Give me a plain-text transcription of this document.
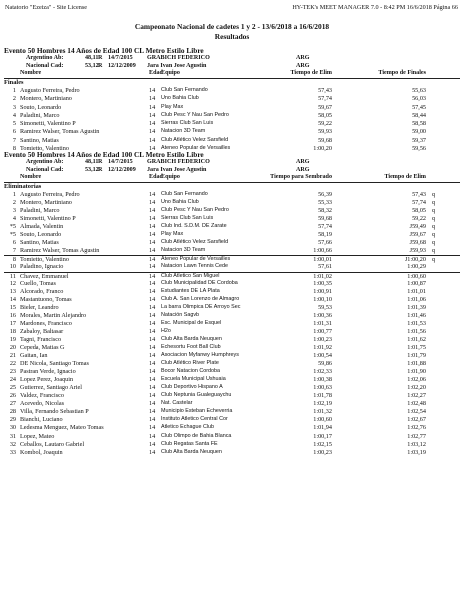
Natatorio "Ezeiza" - Site License	HY-TEK's MEET MANAGER 7.0 - 8:42 PM 16/6/2018 Página 66
Campeonato Nacional de cadetes 1 y 2 - 13/6/2018 a 16/6/2018
Resultados
Evento 50 Hombres 14 Años de Edad 100 CL Metro Estilo Libre
Argentino Ab:	48,11 R 14/7/2015 GRABICH FEDERICO	ARG
Nacional Cad:	53,12 R 12/12/2009 Jara Ivan Jose Agustin	ARG
Nombre	Edad
Equipo	Tiempo de Elim	Tiempo de Finales
Finales
1 Augusto Ferreira, Pedro	14 Club San Fernando	57,43	55,63
2 Montero, Martiniano	14 Uno Bahia Club	57,74	56,03
3 Souto, Leonardo	14 Play Max	59,67	57,45
4 Paladini, Marco	14 Club Pesc Y Nau San Pedro	58,05	58,44
5 Simonetti, Valentino P	14 Sierras Club San Luis	59,22	58,58
6 Ramirez Walser, Tomas Agustin	14 Natacion 3D Team	59,93	59,00
7 Santino, Matias	14 Club Atlético Velez Sarsfield	59,68	59,37
8 Tomietto, Valentino	14 Ateneo Popular de Versailles	1:00,20	59,56
Evento 50 Hombres 14 Años de Edad 100 CL Metro Estilo Libre
Argentino Ab:	48,11 R 14/7/2015 GRABICH FEDERICO	ARG
Nacional Cad:	53,12 R 12/12/2009 Jara Ivan Jose Agustin	ARG
Nombre	Edad
Equipo	Tiempo para Sembrado	Tiempo de Elim
Eliminatorias
1 Augusto Ferreira, Pedro	14 Club San Fernando	56,39	57,43 q
2 Montero, Martiniano	14 Uno Bahia Club	55,33	57,74 q
3 Paladini, Marco	14 Club Pesc Y Nau San Pedro	58,32	58,05 q
4 Simonetti, Valentino P	14 Sierras Club San Luis	59,68	59,22 q
*5 Almada, Valentin	14 Club Ind. S.D.M. DE Zarate	57,74	J59,49 q
*5 Souto, Leonardo	14 Play Max	58,19	J59,67 q
6 Santino, Matias	14 Club Atlético Velez Sarsfield	57,66	J59,68 q
7 Ramirez Walser, Tomas Agustin	14 Natacion 3D Team	1:00,66	J59,93 q
8 Tomietto, Valentino	14 Ateneo Popular de Versailles	1:00,01	J1:00,20 q
10 Paladino, Ignacio	14 Natacion Lawn Tennis Cede	57,61	1:00,29
11 Chavez, Emmanuel	14 Club Atletico San Miguel	1:01,02	1:00,60
12 Cuello, Tomas	14 Club Municipalidad DE Cordoba	1:00,35	1:00,87
13 Alcorado, Franco	14 Estudiantes DE LA Plata	1:00,91	1:01,01
14 Mastantuono, Tomas	14 Club A. San Lorenzo de Almagro	1:00,10	1:01,06
15 Bieler, Leandro	14 La barra Olimpica DE Arroyo Sec	59,53	1:01,39
16 Morales, Martin Alejandro	14 Natación Sagvb	1:00,36	1:01,46
17 Mardones, Francisco	14 Esc. Municipal de Esquel	1:01,31	1:01,53
18 Zabaloy, Baltasar	14 H2o	1:00,77	1:01,56
19 Tagni, Francisco	14 Club Alta Barda Neuquen	1:00,23	1:01,62
20 Cepeda, Matias G	14 Echesortu Foot Ball Club	1:01,92	1:01,75
21 Gaitan, Ian	14 Asociacion Myfanwy Humphreys	1:00,54	1:01,79
22 DE Nicola, Santiago Tomas	14 Club Atlético River Plate	59,86	1:01,88
23 Pastran Verde, Ignacio	14 Bocor Natacion Cordoba	1:02,33	1:01,90
24 Lopez Perez, Joaquin	14 Escuela Municipal Ushuaia	1:00,38	1:02,06
25 Gutierrez, Santiago Ariel	14 Club Deportivo Hispano A	1:00,63	1:02,20
26 Valdez, Francisco	14 Club Neptunia Gualeguaychu	1:01,78	1:02,27
27 Acevedo, Nicolas	14 Nat. Castelar	1:02,19	1:02,48
28 Villa, Fernando Sebastian P	14 Municipio Esteban Echeverria	1:01,32	1:02,54
29 Bianchi, Luciano	14 Instituto Atletico Central Cor	1:00,60	1:02,67
30 Ledesma Menguez, Mateo Tomas	14 Atletico Echague Club	1:01,94	1:02,76
31 Lopez, Mateo	14 Club Olimpo de Bahia Blanca	1:00,17	1:02,77
32 Ceballos, Lautaro Gabriel	14 Club Regatas Santa FE	1:02,15	1:03,12
33 Kombol, Joaquin	14 Club Alta Barda Neuquen	1:00,23	1:03,19
